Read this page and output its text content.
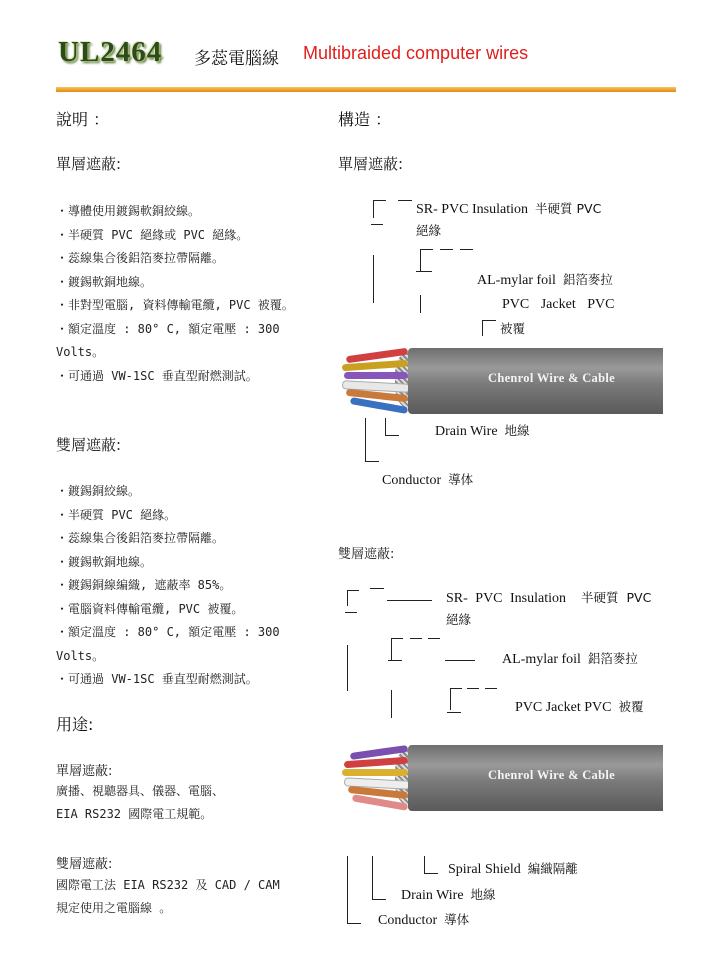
UL2464 多蕊電腦線 Multibraided computer wires
說明 ：
單層遮蔽:
・導體使用鍍錫軟銅絞線。
・半硬質 PVC 絕緣或 PVC 絕緣。
・蕊線集合後鋁箔麥拉帶隔離。
・鍍錫軟銅地線。
・非對型電腦, 資料傳輸電纜, PVC 被覆。
・額定溫度 : 80° C, 額定電壓 : 300
Volts。
・可通過 VW-1SC 垂直型耐燃測試。
雙層遮蔽:
・鍍錫銅絞線。
・半硬質 PVC 絕緣。
・蕊線集合後鋁箔麥拉帶隔離。
・鍍錫軟銅地線。
・鍍錫銅線編織, 遮蔽率 85%。
・電腦資料傳輸電纜, PVC 被覆。
・額定溫度 : 80° C, 額定電壓 : 300
Volts。
・可通過 VW-1SC 垂直型耐燃測試。
用途:
單層遮蔽:
廣播、視聽器具、儀器、電腦、
EIA RS232 國際電工規範。
雙層遮蔽:
國際電工法 EIA RS232 及 CAD / CAM
規定使用之電腦線 。
構造 ：
單層遮蔽:
SR- PVC Insulation 半硬質 PVC
絕緣
AL-mylar foil 鋁箔麥拉
PVC Jacket PVC
被覆
Chenrol Wire & Cable
Drain Wire 地線
Conductor 導体
雙層遮蔽:
SR- PVC Insulation 半硬質 PVC
絕緣
AL-mylar foil 鋁箔麥拉
PVC Jacket PVC 被覆
Chenrol Wire & Cable
Spiral Shield 編織隔離
Drain Wire 地線
Conductor 導体
